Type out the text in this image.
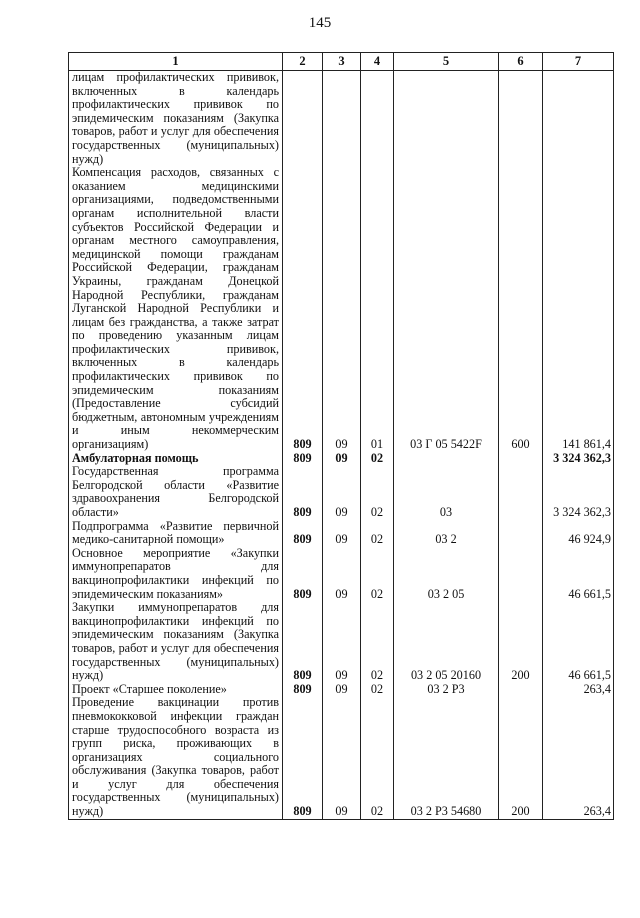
145
1	2	3	4	5	6	7
лицам профилактических прививок, включенных в календарь профилактических прививок по эпидемическим показаниям (Закупка товаров, работ и услуг для обеспечения государственных (муниципальных) нужд)						
Компенсация расходов, связанных с оказанием медицинскими организациями, подведомственными органам исполнительной власти субъектов Российской Федерации и органам местного самоуправления, медицинской помощи гражданам Российской Федерации, гражданам Украины, гражданам Донецкой Народной Республики, гражданам Луганской Народной Республики и лицам без гражданства, а также затрат по проведению указанным лицам профилактических прививок, включенных в календарь профилактических прививок по эпидемическим показаниям (Предоставление субсидий бюджетным, автономным учреждениям и иным некоммерческим организациям)	809	09	01	03 Г 05 5422F	600	141 861,4
Амбулаторная помощь	809	09	02			3 324 362,3
Государственная программа Белгородской области «Развитие здравоохранения Белгородской области»	809	09	02	03		3 324 362,3
Подпрограмма «Развитие первичной медико-санитарной помощи»	809	09	02	03 2		46 924,9
Основное мероприятие «Закупки иммунопрепаратов для вакцинопрофилактики инфекций по эпидемическим показаниям»	809	09	02	03 2 05		46 661,5
Закупки иммунопрепаратов для вакцинопрофилактики инфекций по эпидемическим показаниям (Закупка товаров, работ и услуг для обеспечения государственных (муниципальных) нужд)	809	09	02	03 2 05 20160	200	46 661,5
Проект «Старшее поколение»	809	09	02	03 2 Р3		263,4
Проведение вакцинации против пневмококковой инфекции граждан старше трудоспособного возраста из групп риска, проживающих в организациях социального обслуживания (Закупка товаров, работ и услуг для обеспечения государственных (муниципальных) нужд)	809	09	02	03 2 Р3 54680	200	263,4
